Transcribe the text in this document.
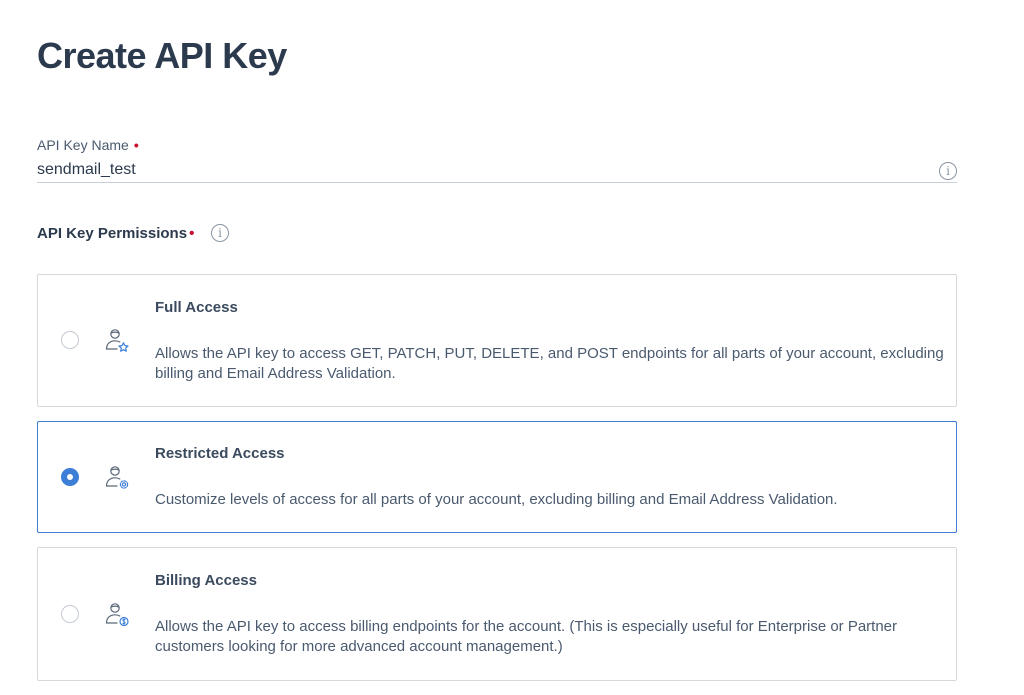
Create API Key
API Key Name •
sendmail_test
i
API Key Permissions •	i
Full Access
Allows the API key to access GET, PATCH, PUT, DELETE, and POST endpoints for all parts of your account, excluding billing and Email Address Validation.
Restricted Access
Customize levels of access for all parts of your account, excluding billing and Email Address Validation.
Billing Access
Allows the API key to access billing endpoints for the account. (This is especially useful for Enterprise or Partner customers looking for more advanced account management.)
